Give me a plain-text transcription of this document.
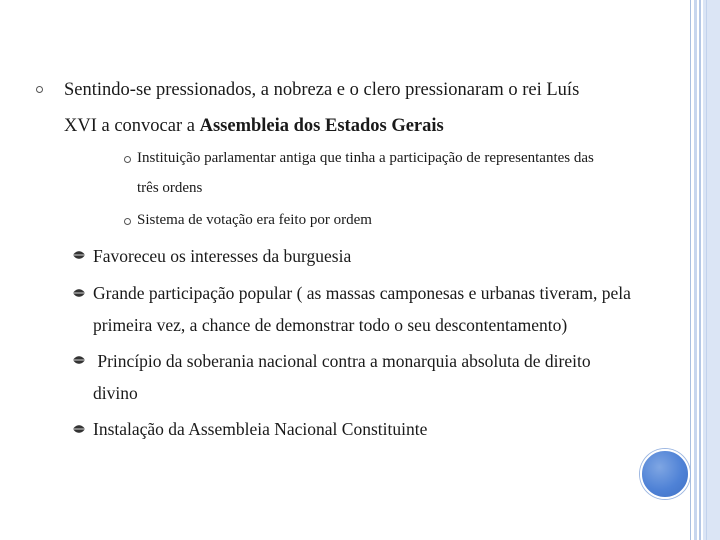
Sentindo-se pressionados, a nobreza e o clero pressionaram o rei Luís
XVI a convocar a Assembleia dos Estados Gerais
Instituição parlamentar antiga que tinha a participação de representantes das
três ordens
Sistema de votação era feito por ordem
Favoreceu os interesses da burguesia
Grande participação popular ( as massas camponesas e urbanas tiveram, pela
primeira vez, a chance de demonstrar todo o seu descontentamento)
Princípio da soberania nacional contra a monarquia absoluta de direito
divino
Instalação da Assembleia Nacional Constituinte
